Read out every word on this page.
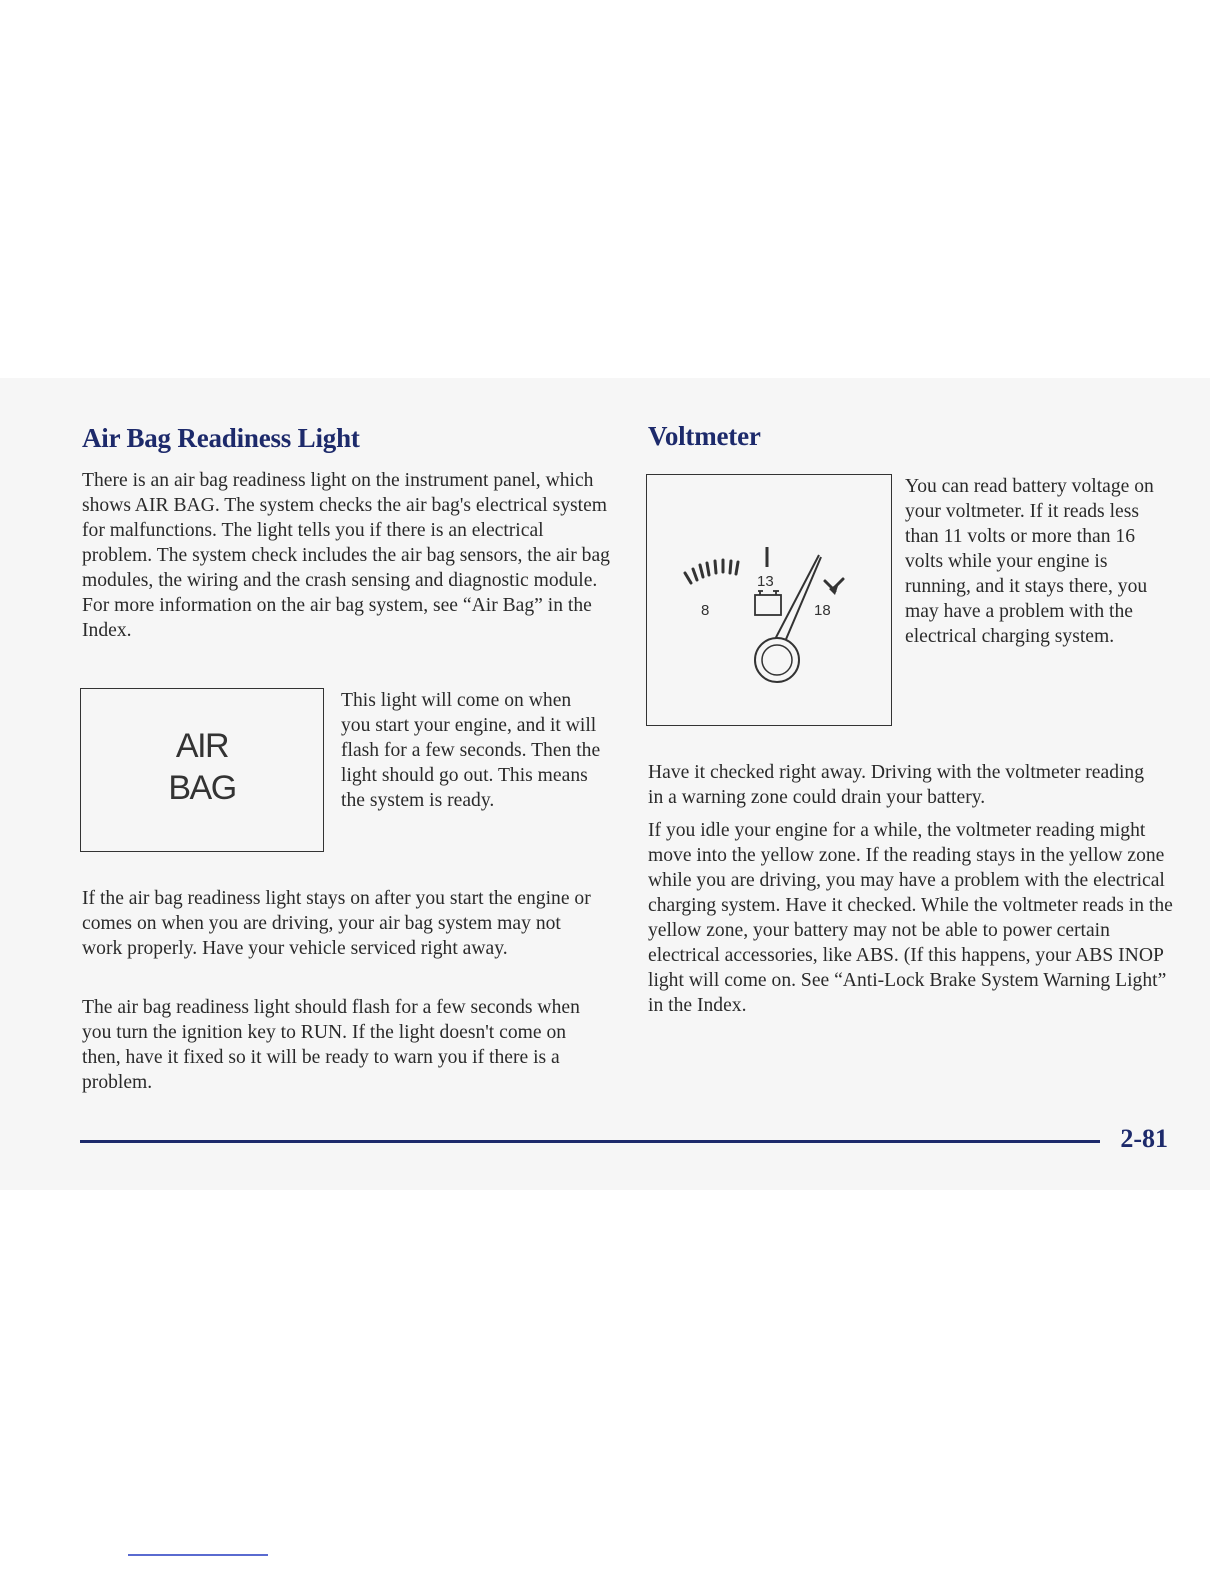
Air Bag Readiness Light

There is an air bag readiness light on the instrument panel, which shows AIR BAG. The system checks the air bag's electrical system for malfunctions. The light tells you if there is an electrical problem. The system check includes the air bag sensors, the air bag modules, the wiring and the crash sensing and diagnostic module. For more information on the air bag system, see “Air Bag” in the Index.

AIR
BAG

This light will come on when you start your engine, and it will flash for a few seconds. Then the light should go out. This means the system is ready.

If the air bag readiness light stays on after you start the engine or comes on when you are driving, your air bag system may not work properly. Have your vehicle serviced right away.

The air bag readiness light should flash for a few seconds when you turn the ignition key to RUN. If the light doesn't come on then, have it fixed so it will be ready to warn you if there is a problem.

Voltmeter
8
13
18

You can read battery voltage on your voltmeter. If it reads less than 11 volts or more than 16 volts while your engine is running, and it stays there, you may have a problem with the electrical charging system.

Have it checked right away. Driving with the voltmeter reading in a warning zone could drain your battery.

If you idle your engine for a while, the voltmeter reading might move into the yellow zone. If the reading stays in the yellow zone while you are driving, you may have a problem with the electrical charging system. Have it checked. While the voltmeter reads in the yellow zone, your battery may not be able to power certain electrical accessories, like ABS. (If this happens, your ABS INOP light will come on. See “Anti-Lock Brake System Warning Light” in the Index.

2-81
